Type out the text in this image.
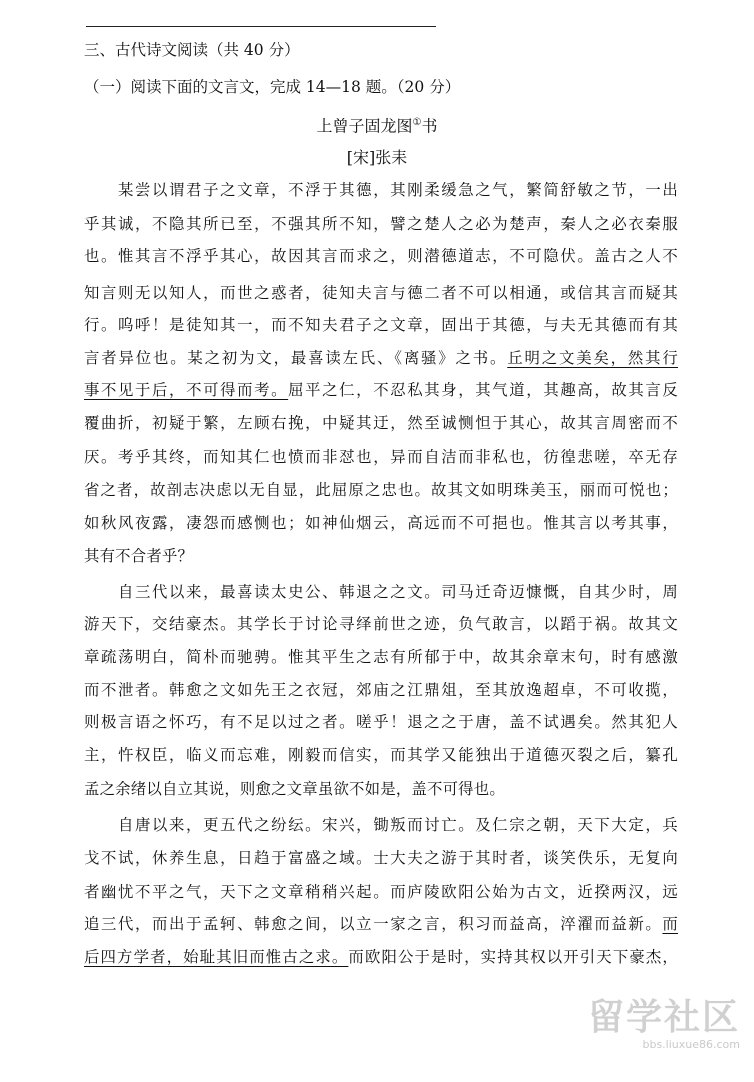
三、古代诗文阅读（共 40 分）
（一）阅读下面的文言文，完成 14—18 题。（20 分）
上曾子固龙图①书
[宋]张耒
某尝以谓君子之文章，不浮于其德，其刚柔缓急之气，繁简舒敏之节，一出
乎其诚，不隐其所已至，不强其所不知，譬之楚人之必为楚声，秦人之必衣秦服
也。惟其言不浮乎其心，故因其言而求之，则潜德道志，不可隐伏。盖古之人不
知言则无以知人，而世之惑者，徒知夫言与德二者不可以相通，或信其言而疑其
行。呜呼！是徒知其一，而不知夫君子之文章，固出于其德，与夫无其德而有其
言者异位也。某之初为文，最喜读左氏、《离骚》之书。丘明之文美矣，然其行
事不见于后，不可得而考。屈平之仁，不忍私其身，其气道，其趣高，故其言反
覆曲折，初疑于繁，左顾右挽，中疑其迂，然至诚恻怛于其心，故其言周密而不
厌。考乎其终，而知其仁也愤而非怼也，异而自洁而非私也，彷徨悲嗟，卒无存
省之者，故剖志决虑以无自显，此屈原之忠也。故其文如明珠美玉，丽而可悦也；
如秋风夜露，凄怨而感恻也；如神仙烟云，高远而不可挹也。惟其言以考其事，
其有不合者乎？
自三代以来，最喜读太史公、韩退之之文。司马迁奇迈慷慨，自其少时，周
游天下，交结豪杰。其学长于讨论寻绎前世之迹，负气敢言，以蹈于祸。故其文
章疏荡明白，简朴而驰骋。惟其平生之志有所郁于中，故其余章末句，时有感激
而不泄者。韩愈之文如先王之衣冠，郊庙之江鼎俎，至其放逸超卓，不可收揽，
则极言语之怀巧，有不足以过之者。嗟乎！退之之于唐，盖不试遇矣。然其犯人
主，忤权臣，临义而忘难，刚毅而信实，而其学又能独出于道德灭裂之后，纂孔
孟之余绪以自立其说，则愈之文章虽欲不如是，盖不可得也。
自唐以来，更五代之纷纭。宋兴，锄叛而讨亡。及仁宗之朝，天下大定，兵
戈不试，休养生息，日趋于富盛之域。士大夫之游于其时者，谈笑佚乐，无复向
者幽忧不平之气，天下之文章稍稍兴起。而庐陵欧阳公始为古文，近揆两汉，远
追三代，而出于孟轲、韩愈之间，以立一家之言，积习而益高，淬濯而益新。而
后四方学者，始耻其旧而惟古之求。而欧阳公于是时，实持其权以开引天下豪杰，
留学社区
bbs.liuxue86.com
